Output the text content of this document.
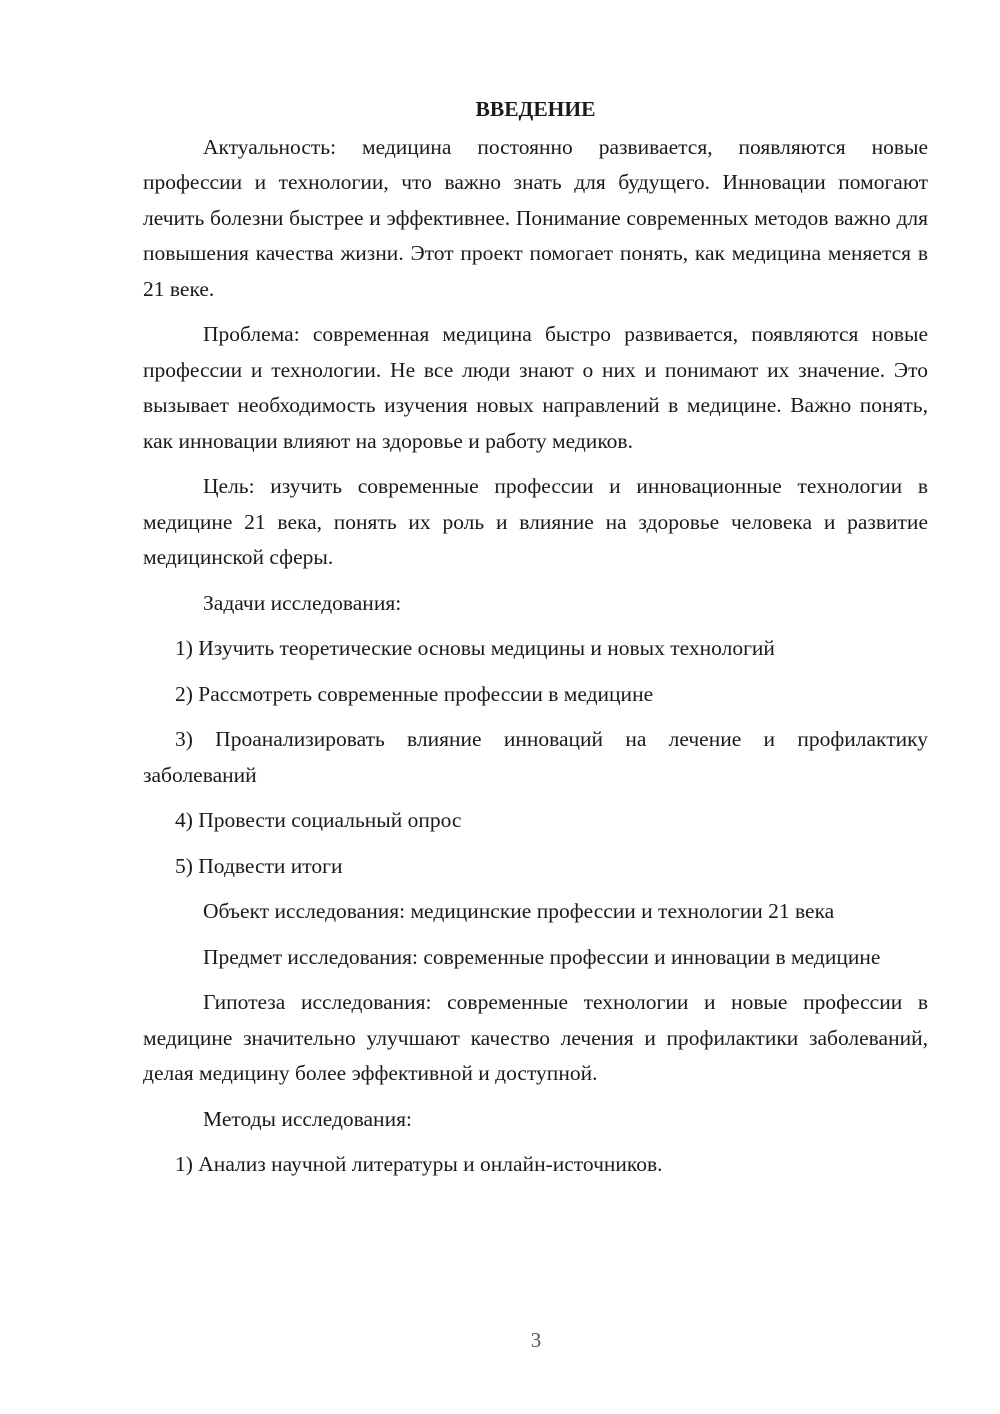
ВВЕДЕНИЕ

Актуальность: медицина постоянно развивается, появляются новые профессии и технологии, что важно знать для будущего. Инновации помогают лечить болезни быстрее и эффективнее. Понимание современных методов важно для повышения качества жизни. Этот проект помогает понять, как медицина меняется в 21 веке.

Проблема: современная медицина быстро развивается, появляются новые профессии и технологии. Не все люди знают о них и понимают их значение. Это вызывает необходимость изучения новых направлений в медицине. Важно понять, как инновации влияют на здоровье и работу медиков.

Цель: изучить современные профессии и инновационные технологии в медицине 21 века, понять их роль и влияние на здоровье человека и развитие медицинской сферы.

Задачи исследования:

1) Изучить теоретические основы медицины и новых технологий

2) Рассмотреть современные профессии в медицине

3) Проанализировать влияние инноваций на лечение и профилактику заболеваний

4) Провести социальный опрос

5) Подвести итоги

Объект исследования: медицинские профессии и технологии 21 века

Предмет исследования: современные профессии и инновации в медицине

Гипотеза исследования: современные технологии и новые профессии в медицине значительно улучшают качество лечения и профилактики заболеваний, делая медицину более эффективной и доступной.

Методы исследования:

1) Анализ научной литературы и онлайн-источников.

3
